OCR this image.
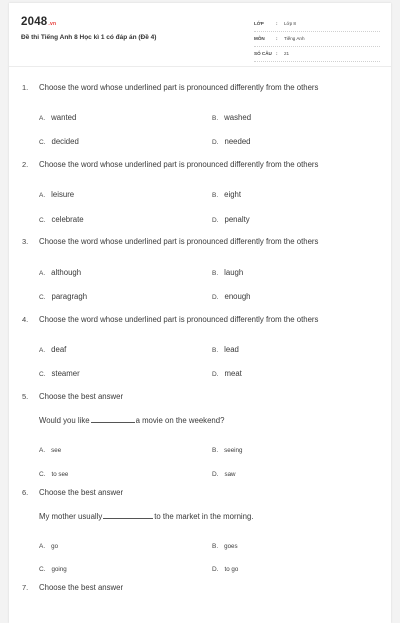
2048.vn
Đề thi Tiếng Anh 8 Học kì 1 có đáp án (Đề 4)
LỚP	: Lớp 8
MÔN : Tiếng Anh
SỐ CÂU : 21
1. Choose the word whose underlined part is pronounced differently from the others
A. wanted	B. washed
C. decided	D. needed
2. Choose the word whose underlined part is pronounced differently from the others
A. leisure	B. eight
C. celebrate	D. penalty
3. Choose the word whose underlined part is pronounced differently from the others
A. although	B. laugh
C. paragragh	D. enough
4. Choose the word whose underlined part is pronounced differently from the others
A. deaf	B. lead
C. steamer	D. meat
5. Choose the best answer
Would you like	a movie on the weekend?
A. see	B. seeing
C. to see	D. saw
6. Choose the best answer
My mother usually	to the market in the morning.
A. go	B. goes
C. going	D. to go
7. Choose the best answer
